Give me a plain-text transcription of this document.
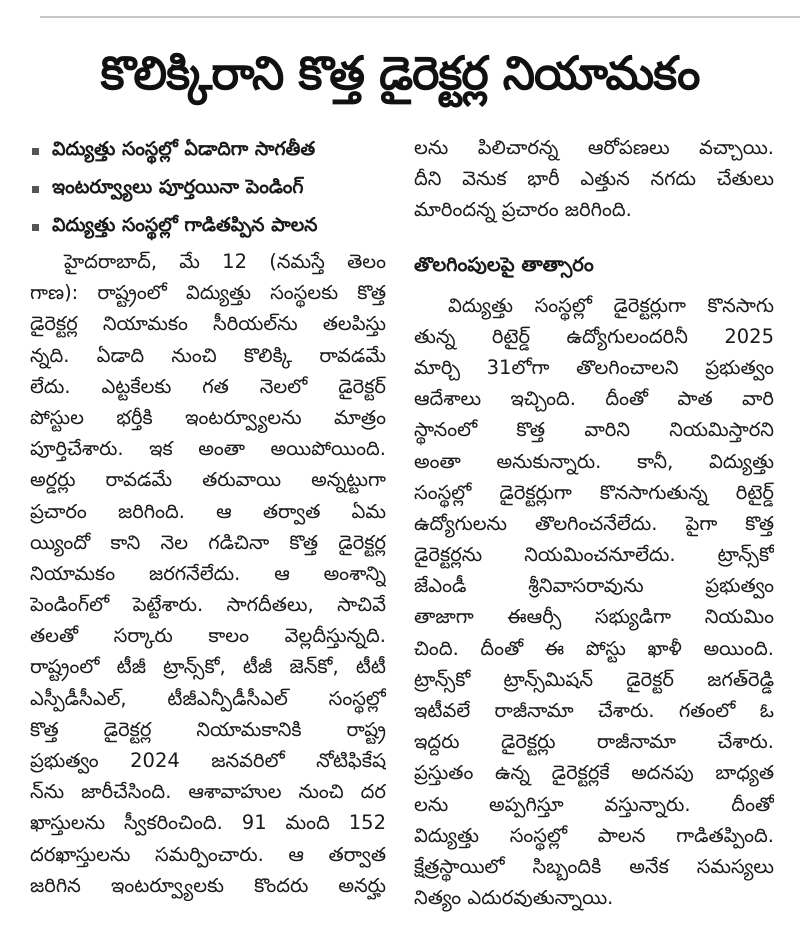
కొలిక్కిరాని కొత్త డైరెక్టర్ల నియామకం
విద్యుత్తు సంస్థల్లో ఏడాదిగా సాగతీత
ఇంటర్వ్యూలు పూర్తయినా పెండింగ్
విద్యుత్తు సంస్థల్లో గాడితప్పిన పాలన
హైదరాబాద్, మే 12 (నమస్తే తెలం
గాణ): రాష్ట్రంలో విద్యుత్తు సంస్థలకు కొత్త
డైరెక్టర్ల నియామకం సీరియల్‌ను తలపిస్తు
న్నది. ఏడాది నుంచి కొలిక్కి రావడమే
లేదు. ఎట్టకేలకు గత నెలలో డైరెక్టర్
పోస్టుల భర్తీకి ఇంటర్వ్యూలను మాత్రం
పూర్తిచేశారు. ఇక అంతా అయిపోయింది.
అర్డర్లు రావడమే తరువాయి అన్నట్టుగా
ప్రచారం జరిగింది. ఆ తర్వాత ఏమ
య్యిందో కాని నెల గడిచినా కొత్త డైరెక్టర్ల
నియామకం జరగనేలేదు. ఆ అంశాన్ని
పెండింగ్‌లో పెట్టేశారు. సాగదీతలు, సాచివే
తలతో సర్కారు కాలం వెల్లదీస్తున్నది.
రాష్ట్రంలో టీజీ ట్రాన్స్‌కో, టీజీ జెన్‌కో, టీటీ
ఎస్పీడీసీఎల్, టీజీఎన్పీడీసీఎల్ సంస్థల్లో
కొత్త డైరెక్టర్ల నియామకానికి రాష్ట్ర
ప్రభుత్వం 2024 జనవరిలో నోటిఫికేష
న్‌ను జారీచేసింది. ఆశావాహుల నుంచి దర
ఖాస్తులను స్వీకరించింది. 91 మంది 152
దరఖాస్తులను సమర్పించారు. ఆ తర్వాత
జరిగిన ఇంటర్వ్యూలకు కొందరు అనర్హు
లను పిలిచారన్న ఆరోపణలు వచ్చాయి.
దీని వెనుక భారీ ఎత్తున నగదు చేతులు
మారిందన్న ప్రచారం జరిగింది.
తొలగింపులపై తాత్సారం
విద్యుత్తు సంస్థల్లో డైరెక్టర్లుగా కొనసాగు
తున్న రిటైర్డ్ ఉద్యోగులందరినీ 2025
మార్చి 31లోగా తొలగించాలని ప్రభుత్వం
ఆదేశాలు ఇచ్చింది. దీంతో పాత వారి
స్థానంలో కొత్త వారిని నియమిస్తారని
అంతా అనుకున్నారు. కానీ, విద్యుత్తు
సంస్థల్లో డైరెక్టర్లుగా కొనసాగుతున్న రిటైర్డ్
ఉద్యోగులను తొలగించనేలేదు. పైగా కొత్త
డైరెక్టర్లను నియమించనూలేదు. ట్రాన్స్‌కో
జేఎండీ శ్రీనివాసరావును ప్రభుత్వం
తాజాగా ఈఆర్సీ సభ్యుడిగా నియమిం
చింది. దీంతో ఈ పోస్టు ఖాళీ అయింది.
ట్రాన్స్‌కో ట్రాన్స్‌మిషన్ డైరెక్టర్ జగత్‌రెడ్డి
ఇటీవలే రాజీనామా చేశారు. గతంలో ఓ
ఇద్దరు డైరెక్టర్లు రాజీనామా చేశారు.
ప్రస్తుతం ఉన్న డైరెక్టర్లకే అదనపు బాధ్యత
లను అప్పగిస్తూ వస్తున్నారు. దీంతో
విద్యుత్తు సంస్థల్లో పాలన గాడితప్పింది.
క్షేత్రస్థాయిలో సిబ్బందికి అనేక సమస్యలు
నిత్యం ఎదురవుతున్నాయి.
